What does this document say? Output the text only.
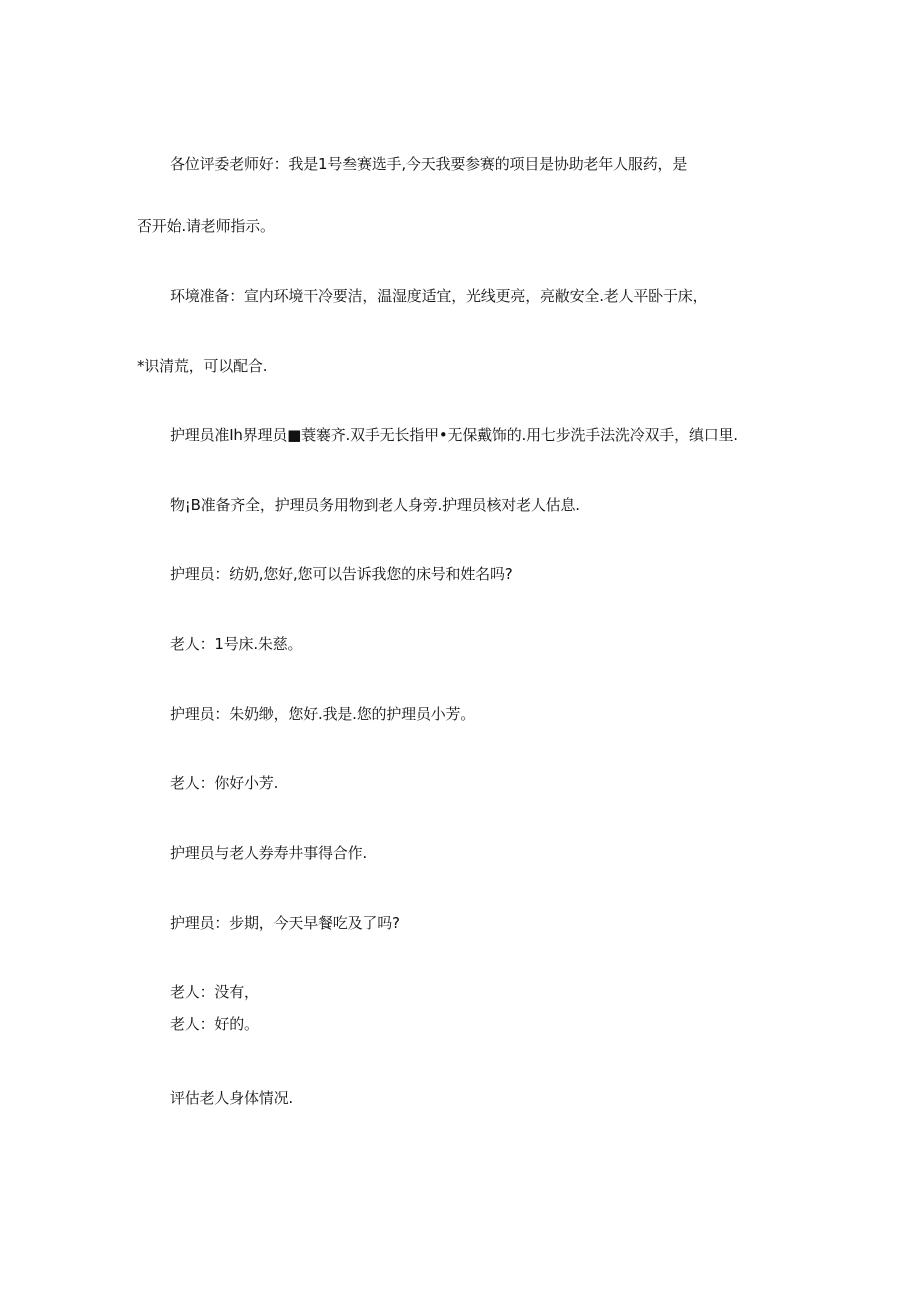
各位评委老师好：我是1号叁赛选手,今天我要参赛的项目是协助老年人服药，是
否开始.请老师指示。
环境准备：宣内环境干冷要洁，温湿度适宜，光线更亮，亮敝安全.老人平卧于床，
*识清荒，可以配合.
护理员准Ih界理员■蓑褰齐.双手无长指甲•无保戴饰的.用七步洗手法洗冷双手，缜口里.
物¡B准备齐全，护理员务用物到老人身旁.护理员核对老人估息.
护理员：纺奶,您好,您可以告诉我您的床号和姓名吗?
老人：1号床.朱慈。
护理员：朱奶缈，您好.我是.您的护理员小芳。
老人：你好小芳.
护理员与老人券寿井事得合作.
护理员：步期，今天早餐吃及了吗?
老人：没有，
老人：好的。
评估老人身体情况.
